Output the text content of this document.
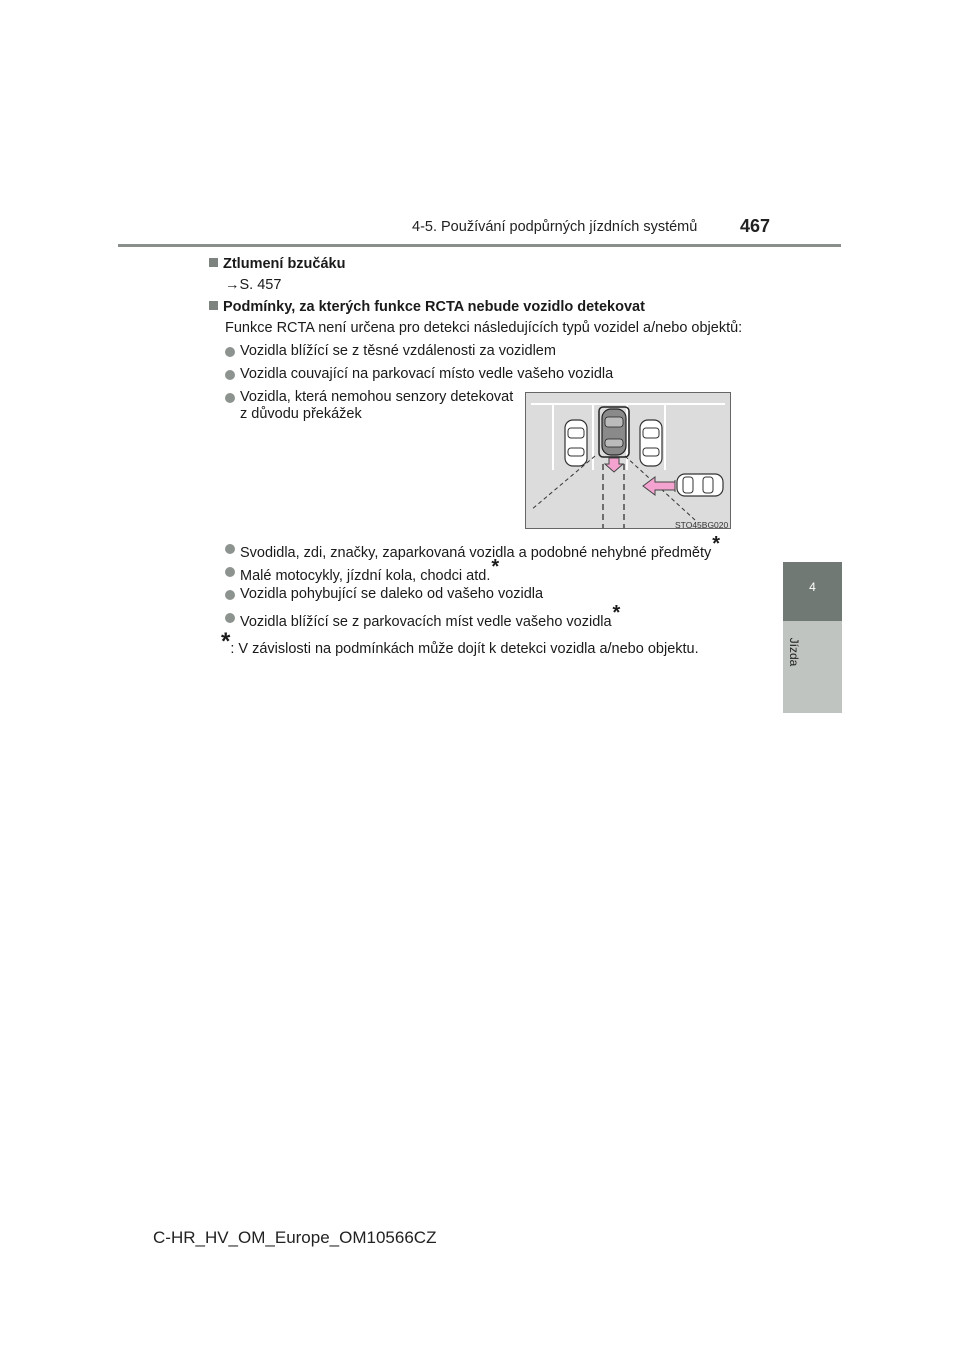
4-5. Používání podpůrných jízdních systémů 467
4
Jízda
Ztlumení bzučáku
→S. 457
Podmínky, za kterých funkce RCTA nebude vozidlo detekovat
Funkce RCTA není určena pro detekci následujících typů vozidel a/nebo objektů:
Vozidla blížící se z těsné vzdálenosti za vozidlem
Vozidla couvající na parkovací místo vedle vašeho vozidla
Vozidla, která nemohou senzory detekovat
z důvodu překážek
STO45BG020
Svodidla, zdi, značky, zaparkovaná vozidla a podobné nehybné předměty*
Malé motocykly, jízdní kola, chodci atd.*
Vozidla pohybující se daleko od vašeho vozidla
Vozidla blížící se z parkovacích míst vedle vašeho vozidla*
*: V závislosti na podmínkách může dojít k detekci vozidla a/nebo objektu.
C-HR_HV_OM_Europe_OM10566CZ
